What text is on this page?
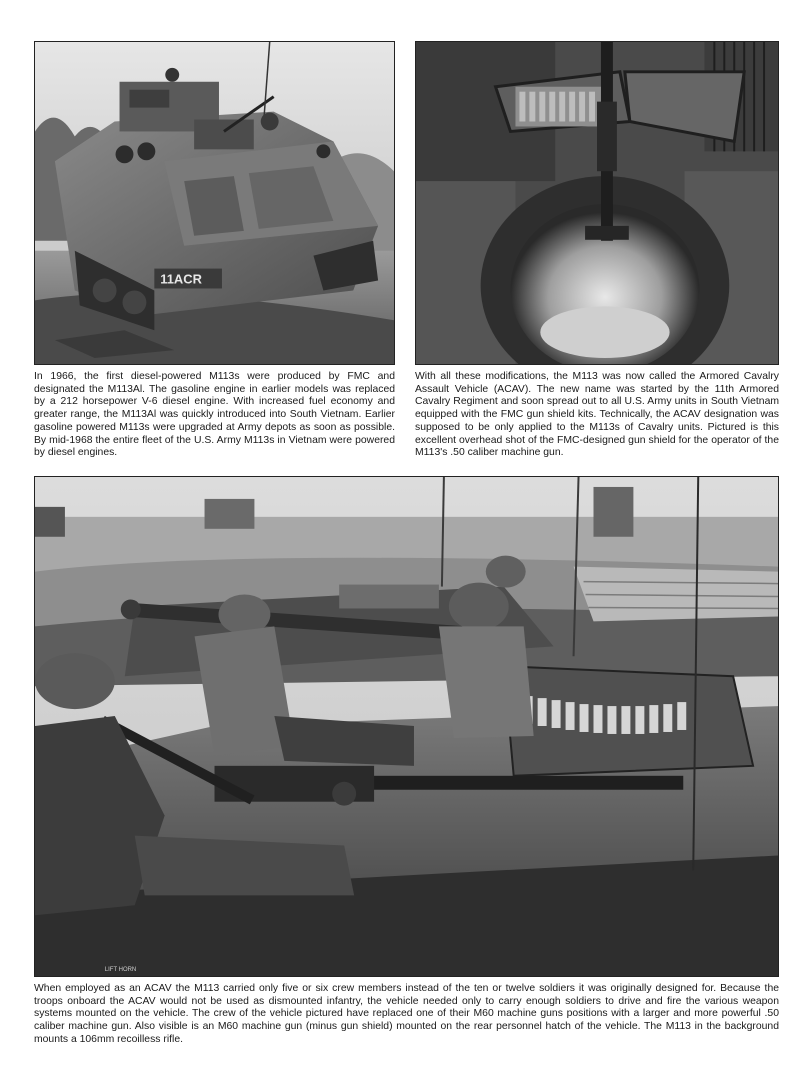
11ACR

In 1966, the first diesel-powered M113s were produced by FMC and designated the M113Al. The gasoline engine in earlier models was replaced by a 212 horsepower V-6 diesel engine. With increased fuel economy and greater range, the M113Al was quickly introduced into South Vietnam. Earlier gasoline powered M113s were upgraded at Army depots as soon as possible. By mid-1968 the entire fleet of the U.S. Army M113s in Vietnam were powered by diesel engines.

With all these modifications, the M113 was now called the Armored Cavalry Assault Vehicle (ACAV). The new name was started by the 11th Armored Cavalry Regiment and soon spread out to all U.S. Army units in South Vietnam equipped with the FMC gun shield kits. Technically, the ACAV designation was supposed to be only applied to the M113s of Cavalry units. Pictured is this excellent overhead shot of the FMC-designed gun shield for the operator of the M113's .50 caliber machine gun.

LIFT HORN

When employed as an ACAV the M113 carried only five or six crew members instead of the ten or twelve soldiers it was originally designed for. Because the troops onboard the ACAV would not be used as dismounted infantry, the vehicle needed only to carry enough soldiers to drive and fire the various weapon systems mounted on the vehicle. The crew of the vehicle pictured have replaced one of their M60 machine guns positions with a larger and more powerful .50 caliber machine gun. Also visible is an M60 machine gun (minus gun shield) mounted on the rear personnel hatch of the vehicle. The M113 in the background mounts a 106mm recoilless rifle.
